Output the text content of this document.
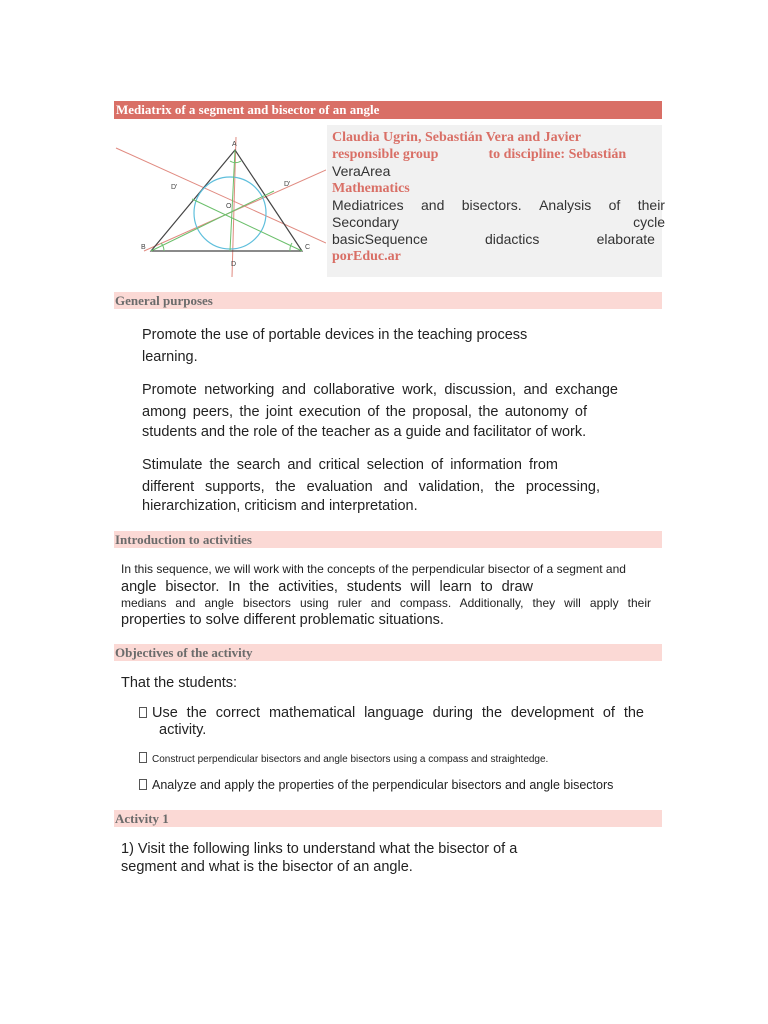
Mediatrix of a segment and bisector of an angle
A
B	C
D
D'	D'
O
Claudia Ugrin, Sebastián Vera and Javier
responsible group	to discipline: Sebastián
VeraArea
Mathematics
Mediatrices and bisectors. Analysis of their
Secondary	cycle
basicSequence	didactics	elaborate
porEduc.ar
General purposes
Promote the use of portable devices in the teaching process
learning.
Promote networking and collaborative work, discussion, and exchange
among peers, the joint execution of the proposal, the autonomy of
students and the role of the teacher as a guide and facilitator of work.
Stimulate the search and critical selection of information from
different supports, the evaluation and validation, the processing,
hierarchization, criticism and interpretation.
Introduction to activities
In this sequence, we will work with the concepts of the perpendicular bisector of a segment and
angle bisector. In the activities, students will learn to draw
medians and angle bisectors using ruler and compass. Additionally, they will apply their
properties to solve different problematic situations.
Objectives of the activity
That the students:
Use the correct mathematical language during the development of the
activity.
Construct perpendicular bisectors and angle bisectors using a compass and straightedge.
Analyze and apply the properties of the perpendicular bisectors and angle bisectors
Activity 1
1) Visit the following links to understand what the bisector of a
segment and what is the bisector of an angle.
